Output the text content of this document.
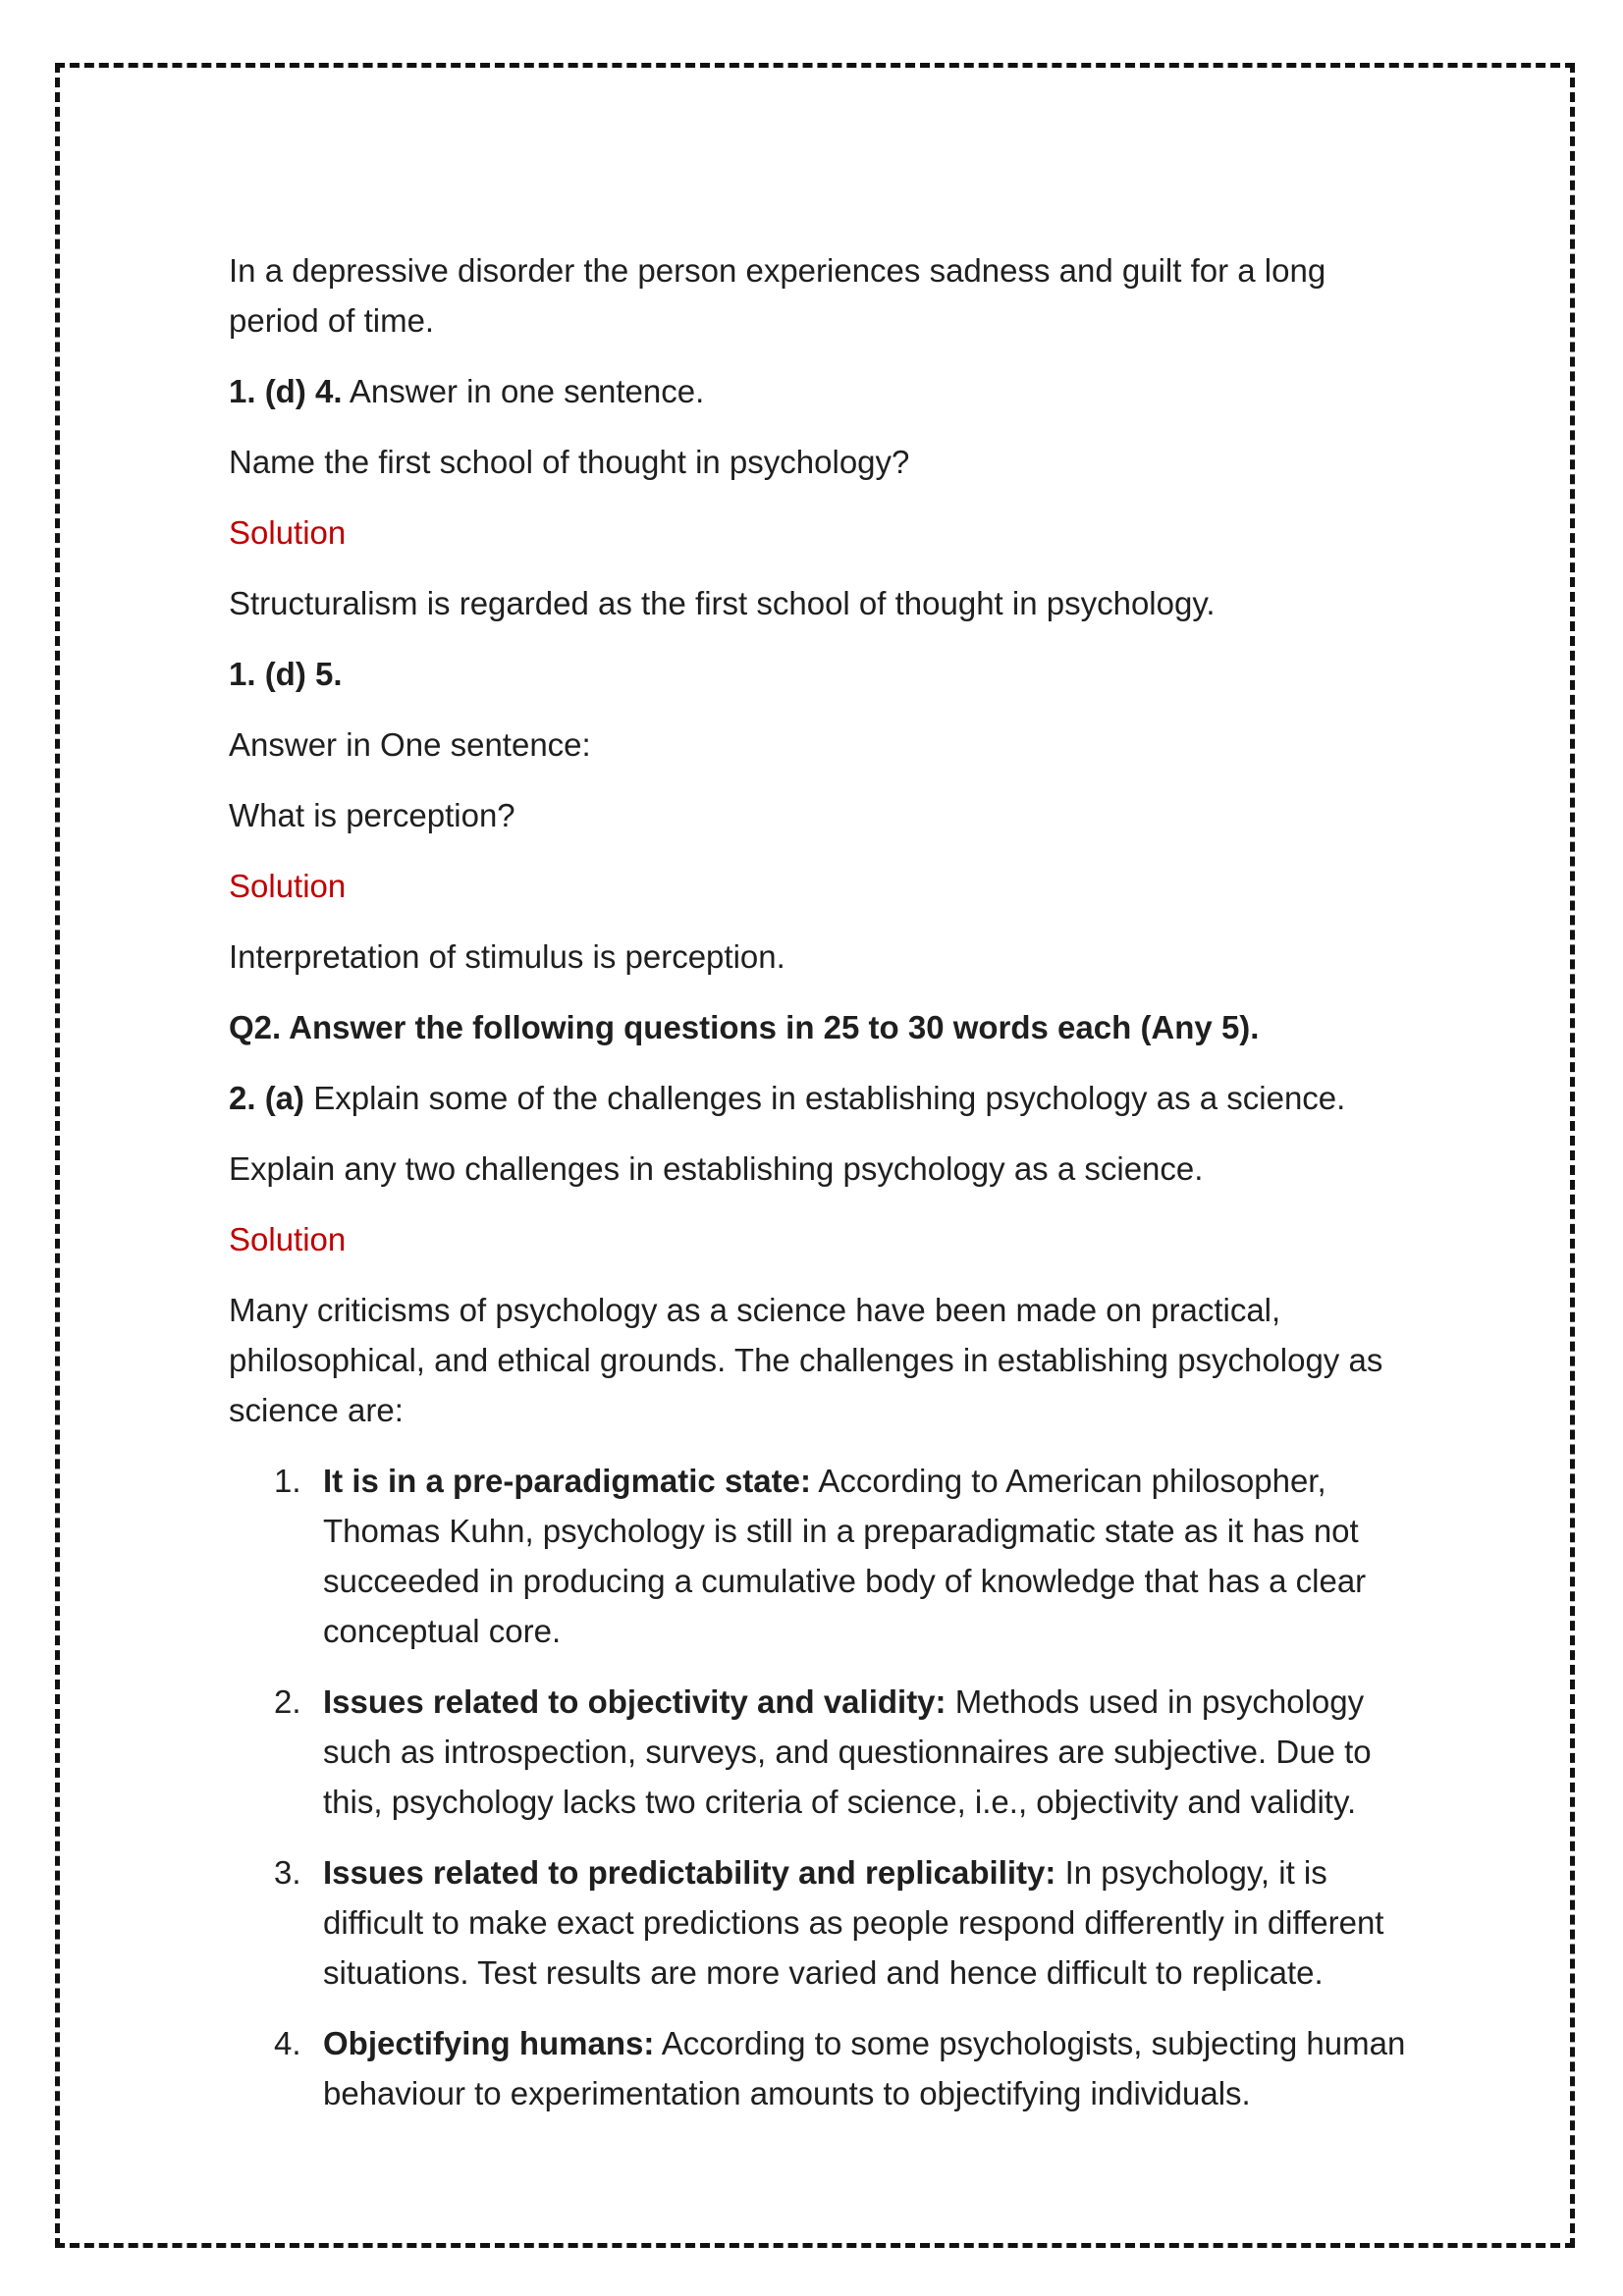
In a depressive disorder the person experiences sadness and guilt for a long period of time.

1. (d) 4. Answer in one sentence.

Name the first school of thought in psychology?

Solution

Structuralism is regarded as the first school of thought in psychology.

1. (d) 5.

Answer in One sentence:

What is perception?

Solution

Interpretation of stimulus is perception.

Q2. Answer the following questions in 25 to 30 words each (Any 5).

2. (a) Explain some of the challenges in establishing psychology as a science.

Explain any two challenges in establishing psychology as a science.

Solution

Many criticisms of psychology as a science have been made on practical, philosophical, and ethical grounds. The challenges in establishing psychology as science are:

1. It is in a pre-paradigmatic state: According to American philosopher, Thomas Kuhn, psychology is still in a preparadigmatic state as it has not succeeded in producing a cumulative body of knowledge that has a clear conceptual core.
2. Issues related to objectivity and validity: Methods used in psychology such as introspection, surveys, and questionnaires are subjective. Due to this, psychology lacks two criteria of science, i.e., objectivity and validity.
3. Issues related to predictability and replicability: In psychology, it is difficult to make exact predictions as people respond differently in different situations. Test results are more varied and hence difficult to replicate.
4. Objectifying humans: According to some psychologists, subjecting human behaviour to experimentation amounts to objectifying individuals.
